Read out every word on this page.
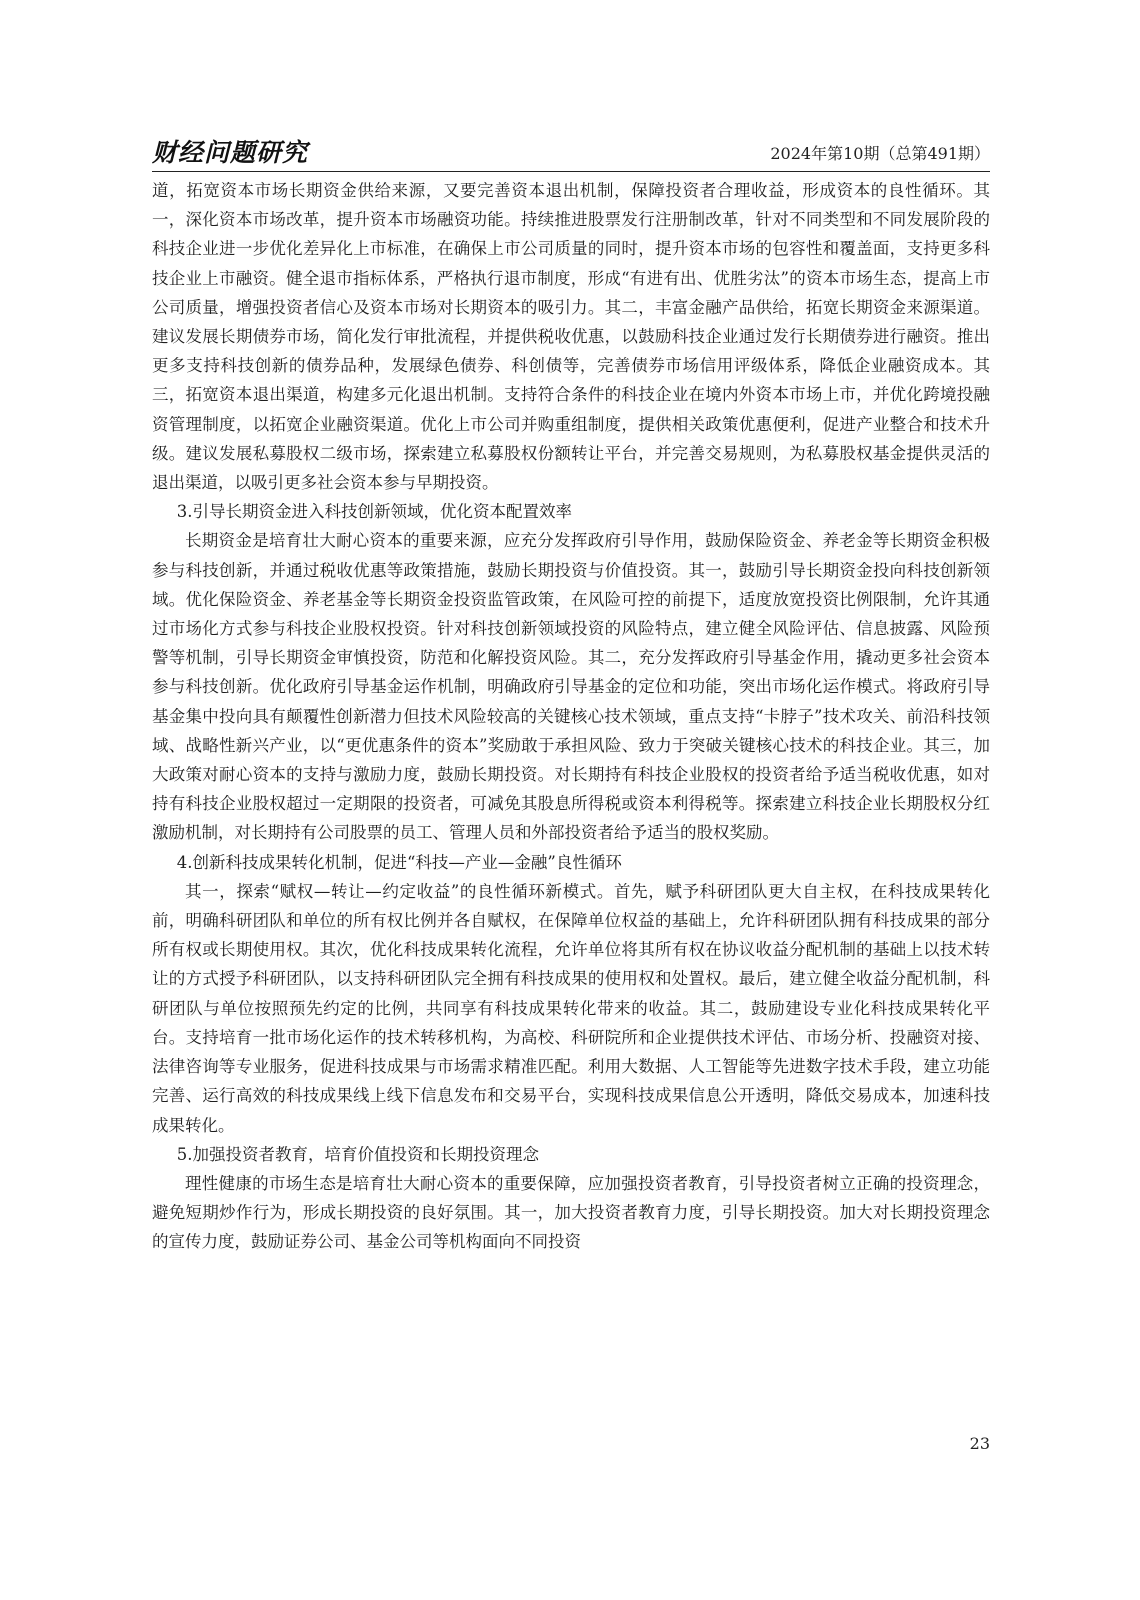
财经问题研究	2024年第10期（总第491期）

道，拓宽资本市场长期资金供给来源，又要完善资本退出机制，保障投资者合理收益，形成资本的良性循环。其一，深化资本市场改革，提升资本市场融资功能。持续推进股票发行注册制改革，针对不同类型和不同发展阶段的科技企业进一步优化差异化上市标准，在确保上市公司质量的同时，提升资本市场的包容性和覆盖面，支持更多科技企业上市融资。健全退市指标体系，严格执行退市制度，形成“有进有出、优胜劣汰”的资本市场生态，提高上市公司质量，增强投资者信心及资本市场对长期资本的吸引力。其二，丰富金融产品供给，拓宽长期资金来源渠道。建议发展长期债券市场，简化发行审批流程，并提供税收优惠，以鼓励科技企业通过发行长期债券进行融资。推出更多支持科技创新的债券品种，发展绿色债券、科创债等，完善债券市场信用评级体系，降低企业融资成本。其三，拓宽资本退出渠道，构建多元化退出机制。支持符合条件的科技企业在境内外资本市场上市，并优化跨境投融资管理制度，以拓宽企业融资渠道。优化上市公司并购重组制度，提供相关政策优惠便利，促进产业整合和技术升级。建议发展私募股权二级市场，探索建立私募股权份额转让平台，并完善交易规则，为私募股权基金提供灵活的退出渠道，以吸引更多社会资本参与早期投资。

3.引导长期资金进入科技创新领域，优化资本配置效率

长期资金是培育壮大耐心资本的重要来源，应充分发挥政府引导作用，鼓励保险资金、养老金等长期资金积极参与科技创新，并通过税收优惠等政策措施，鼓励长期投资与价值投资。其一，鼓励引导长期资金投向科技创新领域。优化保险资金、养老基金等长期资金投资监管政策，在风险可控的前提下，适度放宽投资比例限制，允许其通过市场化方式参与科技企业股权投资。针对科技创新领域投资的风险特点，建立健全风险评估、信息披露、风险预警等机制，引导长期资金审慎投资，防范和化解投资风险。其二，充分发挥政府引导基金作用，撬动更多社会资本参与科技创新。优化政府引导基金运作机制，明确政府引导基金的定位和功能，突出市场化运作模式。将政府引导基金集中投向具有颠覆性创新潜力但技术风险较高的关键核心技术领域，重点支持“卡脖子”技术攻关、前沿科技领域、战略性新兴产业，以“更优惠条件的资本”奖励敢于承担风险、致力于突破关键核心技术的科技企业。其三，加大政策对耐心资本的支持与激励力度，鼓励长期投资。对长期持有科技企业股权的投资者给予适当税收优惠，如对持有科技企业股权超过一定期限的投资者，可减免其股息所得税或资本利得税等。探索建立科技企业长期股权分红激励机制，对长期持有公司股票的员工、管理人员和外部投资者给予适当的股权奖励。

4.创新科技成果转化机制，促进“科技—产业—金融”良性循环

其一，探索“赋权—转让—约定收益”的良性循环新模式。首先，赋予科研团队更大自主权，在科技成果转化前，明确科研团队和单位的所有权比例并各自赋权，在保障单位权益的基础上，允许科研团队拥有科技成果的部分所有权或长期使用权。其次，优化科技成果转化流程，允许单位将其所有权在协议收益分配机制的基础上以技术转让的方式授予科研团队，以支持科研团队完全拥有科技成果的使用权和处置权。最后，建立健全收益分配机制，科研团队与单位按照预先约定的比例，共同享有科技成果转化带来的收益。其二，鼓励建设专业化科技成果转化平台。支持培育一批市场化运作的技术转移机构，为高校、科研院所和企业提供技术评估、市场分析、投融资对接、法律咨询等专业服务，促进科技成果与市场需求精准匹配。利用大数据、人工智能等先进数字技术手段，建立功能完善、运行高效的科技成果线上线下信息发布和交易平台，实现科技成果信息公开透明，降低交易成本，加速科技成果转化。

5.加强投资者教育，培育价值投资和长期投资理念

理性健康的市场生态是培育壮大耐心资本的重要保障，应加强投资者教育，引导投资者树立正确的投资理念，避免短期炒作行为，形成长期投资的良好氛围。其一，加大投资者教育力度，引导长期投资。加大对长期投资理念的宣传力度，鼓励证券公司、基金公司等机构面向不同投资

23
